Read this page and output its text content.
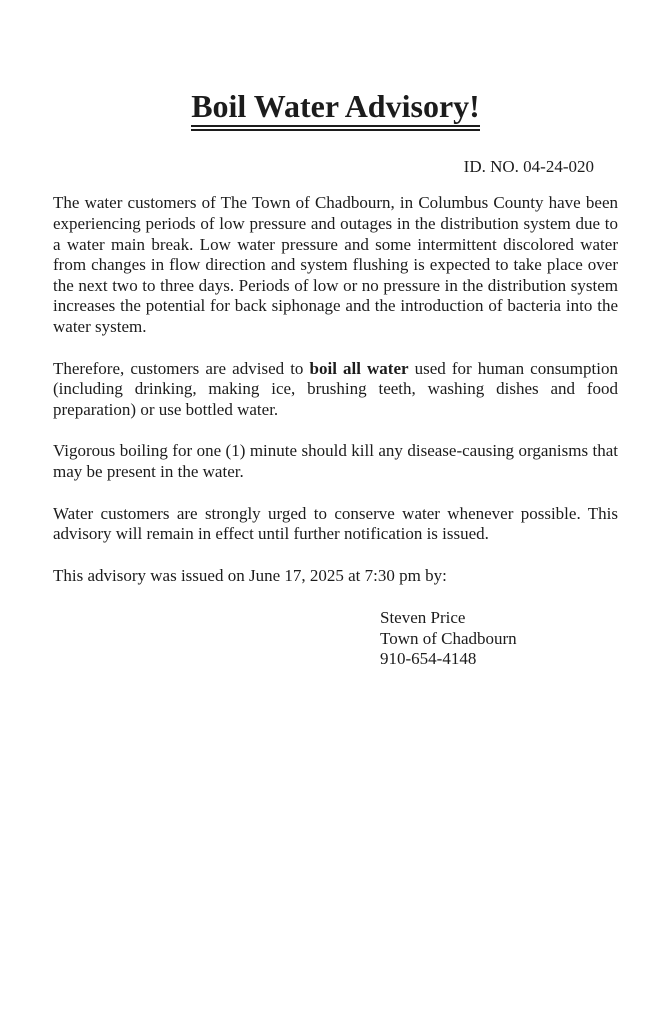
Boil Water Advisory!
ID. NO. 04-24-020

The water customers of The Town of Chadbourn, in Columbus County have been experiencing periods of low pressure and outages in the distribution system due to a water main break. Low water pressure and some intermittent discolored water from changes in flow direction and system flushing is expected to take place over the next two to three days. Periods of low or no pressure in the distribution system increases the potential for back siphonage and the introduction of bacteria into the water system.

Therefore, customers are advised to boil all water used for human consumption (including drinking, making ice, brushing teeth, washing dishes and food preparation) or use bottled water.

Vigorous boiling for one (1) minute should kill any disease-causing organisms that may be present in the water.

Water customers are strongly urged to conserve water whenever possible. This advisory will remain in effect until further notification is issued.

This advisory was issued on June 17, 2025 at 7:30 pm by:

Steven Price
Town of Chadbourn
910-654-4148
